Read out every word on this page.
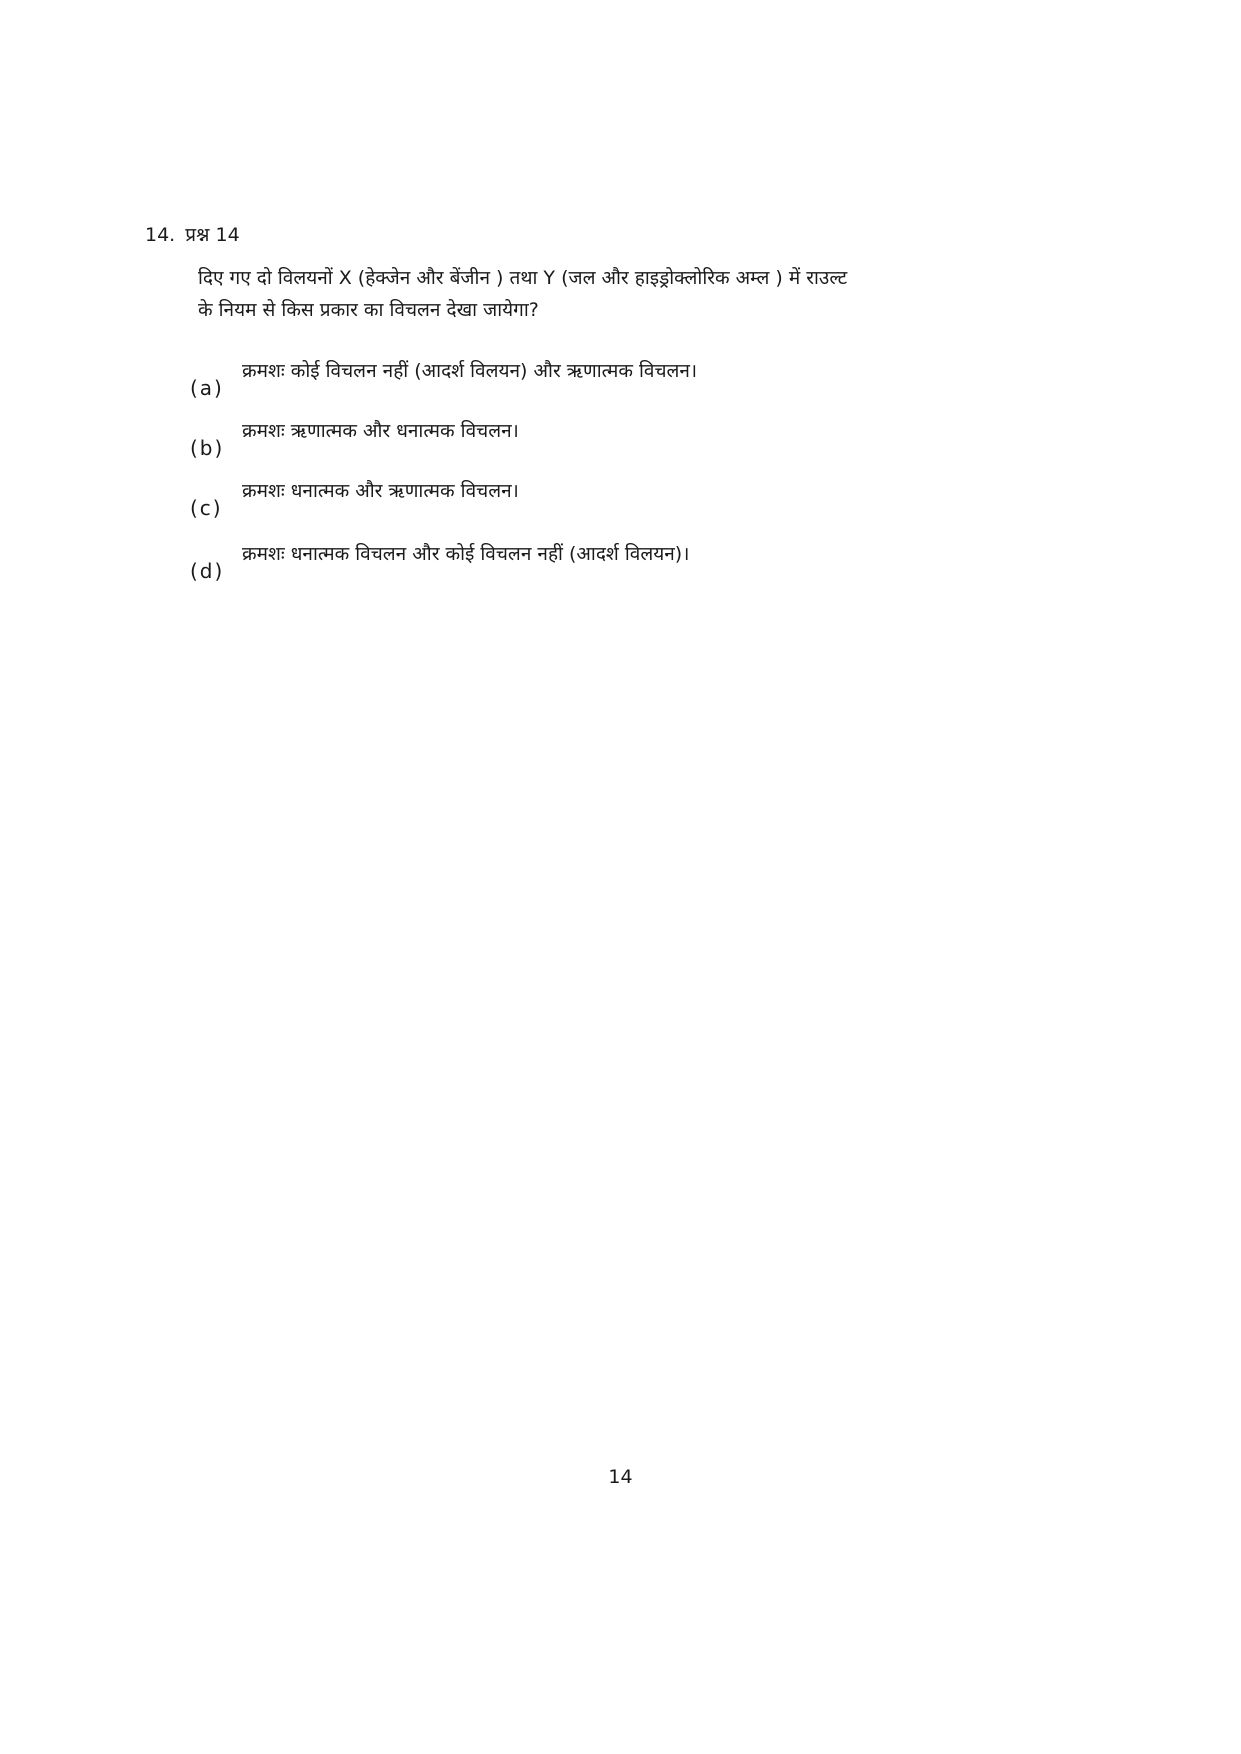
14. प्रश्न 14
दिए गए दो विलयनों X (हेक्जेन और बेंजीन ) तथा Y (जल और हाइड्रोक्लोरिक अम्ल ) में राउल्ट
के नियम से किस प्रकार का विचलन देखा जायेगा?
(a)
क्रमशः कोई विचलन नहीं (आदर्श विलयन) और ऋणात्मक विचलन।
(b)
क्रमशः ऋणात्मक और धनात्मक विचलन।
(c)
क्रमशः धनात्मक और ऋणात्मक विचलन।
(d)
क्रमशः धनात्मक विचलन और कोई विचलन नहीं (आदर्श विलयन)।
14
